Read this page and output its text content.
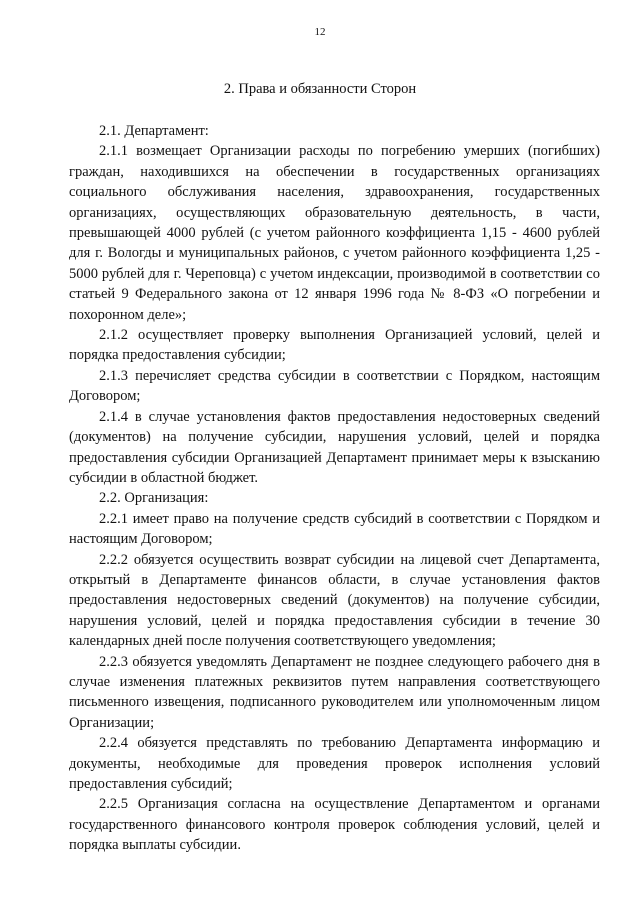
12
2. Права и обязанности Сторон

2.1. Департамент:

2.1.1 возмещает Организации расходы по погребению умерших (погибших) граждан, находившихся на обеспечении в государственных организациях социального обслуживания населения, здравоохранения, государственных организациях, осуществляющих образовательную деятельность, в части, превышающей 4000 рублей (с учетом районного коэффициента 1,15 - 4600 рублей для г. Вологды и муниципальных районов, с учетом районного коэффициента 1,25 - 5000 рублей для г. Череповца) с учетом индексации, производимой в соответствии со статьей 9 Федерального закона от 12 января 1996 года № 8-ФЗ «О погребении и похоронном деле»;

2.1.2 осуществляет проверку выполнения Организацией условий, целей и порядка предоставления субсидии;

2.1.3 перечисляет средства субсидии в соответствии с Порядком, настоящим Договором;

2.1.4 в случае установления фактов предоставления недостоверных сведений (документов) на получение субсидии, нарушения условий, целей и порядка предоставления субсидии Организацией Департамент принимает меры к взысканию субсидии в областной бюджет.

2.2. Организация:

2.2.1 имеет право на получение средств субсидий в соответствии с Порядком и настоящим Договором;

2.2.2 обязуется осуществить возврат субсидии на лицевой счет Департамента, открытый в Департаменте финансов области, в случае установления фактов предоставления недостоверных сведений (документов) на получение субсидии, нарушения условий, целей и порядка предоставления субсидии в течение 30 календарных дней после получения соответствующего уведомления;

2.2.3 обязуется уведомлять Департамент не позднее следующего рабочего дня в случае изменения платежных реквизитов путем направления соответствующего письменного извещения, подписанного руководителем или уполномоченным лицом Организации;

2.2.4 обязуется представлять по требованию Департамента информацию и документы, необходимые для проведения проверок исполнения условий предоставления субсидий;

2.2.5 Организация согласна на осуществление Департаментом и органами государственного финансового контроля проверок соблюдения условий, целей и порядка выплаты субсидии.
